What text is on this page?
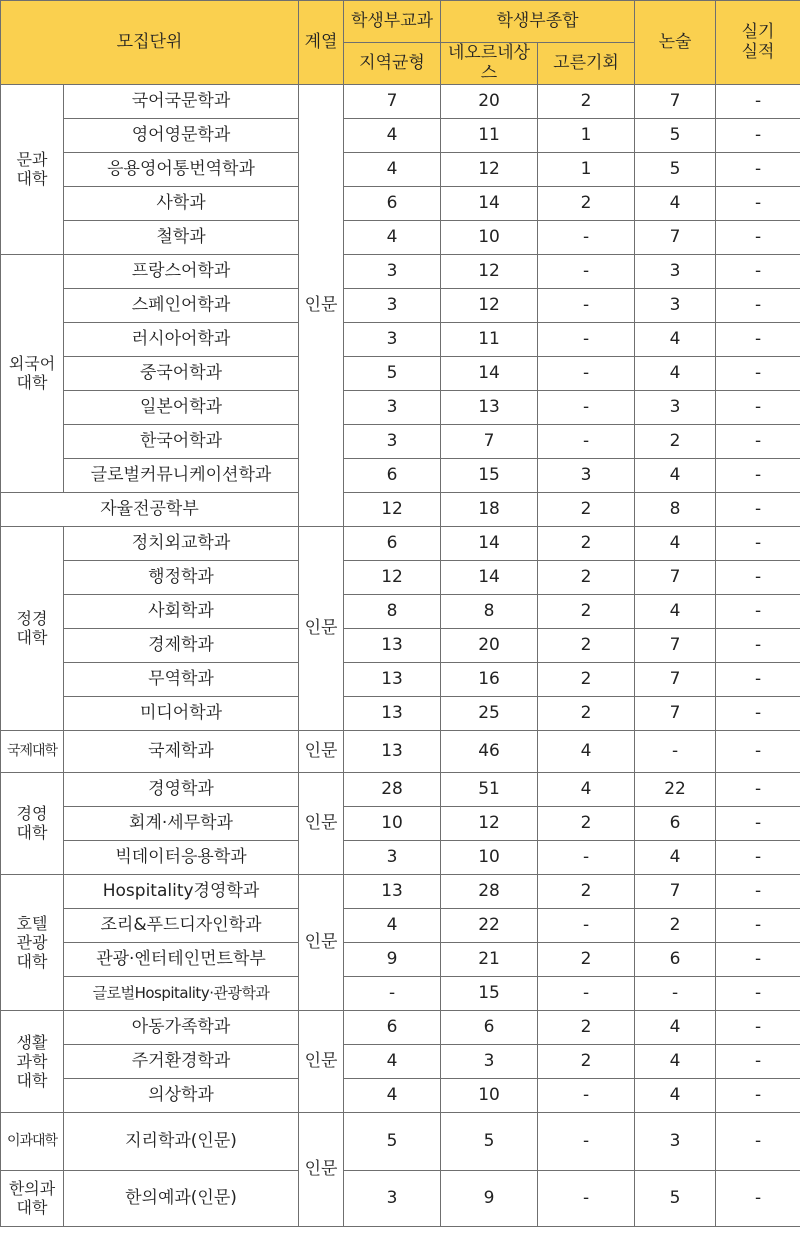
모집단위		계열	학생부교과	학생부종합		논술	실기
실적
			지역균형	네오르네상스	고른기회		
문과
대학	국어국문학과	인문	7	20	2	7	-
	영어영문학과		4	11	1	5	-
	응용영어통번역학과		4	12	1	5	-
	사학과		6	14	2	4	-
	철학과		4	10	-	7	-
외국어
대학	프랑스어학과		3	12	-	3	-
	스페인어학과		3	12	-	3	-
	러시아어학과		3	11	-	4	-
	중국어학과		5	14	-	4	-
	일본어학과		3	13	-	3	-
	한국어학과		3	7	-	2	-
	글로벌커뮤니케이션학과		6	15	3	4	-
자율전공학부			12	18	2	8	-
정경
대학	정치외교학과	인문	6	14	2	4	-
	행정학과		12	14	2	7	-
	사회학과		8	8	2	4	-
	경제학과		13	20	2	7	-
	무역학과		13	16	2	7	-
	미디어학과		13	25	2	7	-
국제대학	국제학과	인문	13	46	4	-	-
경영
대학	경영학과	인문	28	51	4	22	-
	회계·세무학과		10	12	2	6	-
	빅데이터응용학과		3	10	-	4	-
호텔
관광
대학	Hospitality경영학과	인문	13	28	2	7	-
	조리&푸드디자인학과		4	22	-	2	-
	관광·엔터테인먼트학부		9	21	2	6	-
	글로벌Hospitality·관광학과		-	15	-	-	-
생활
과학
대학	아동가족학과	인문	6	6	2	4	-
	주거환경학과		4	3	2	4	-
	의상학과		4	10	-	4	-
이과대학	지리학과(인문)	인문	5	5	-	3	-
한의과
대학	한의예과(인문)		3	9	-	5	-
